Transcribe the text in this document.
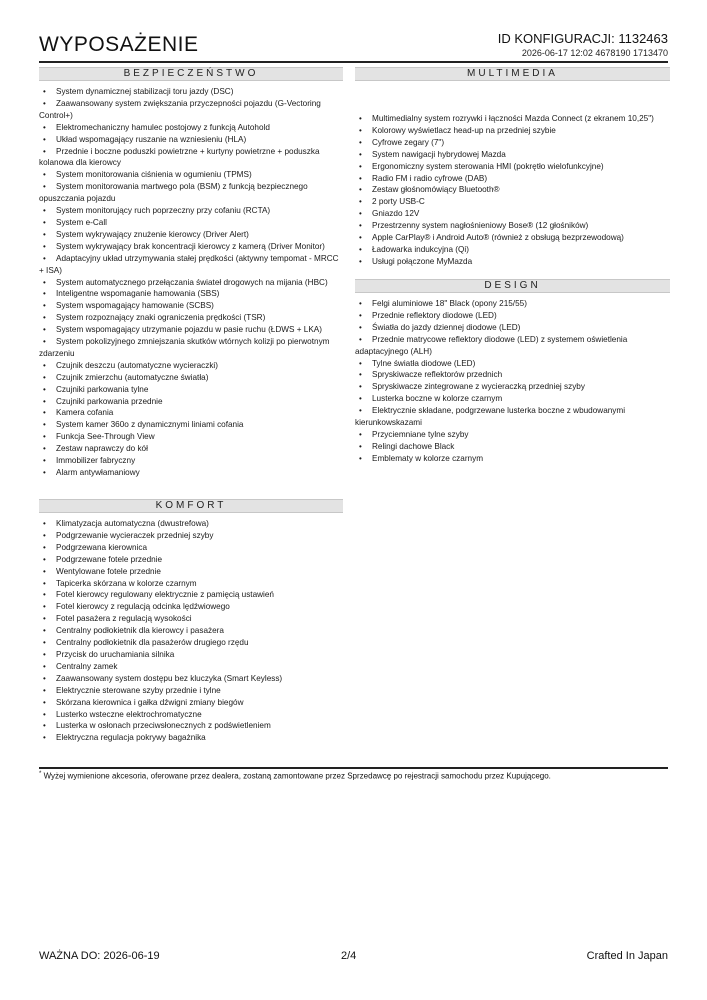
WYPOSAŻENIE	ID KONFIGURACJI: 1132463
2026-06-17 12:02 4678190 1713470
BEZPIECZEŃSTWO
• System dynamicznej stabilizacji toru jazdy (DSC)
• Zaawansowany system zwiększania przyczepności pojazdu (G-Vectoring Control+)
• Elektromechaniczny hamulec postojowy z funkcją Autohold
• Układ wspomagający ruszanie na wzniesieniu (HLA)
• Przednie i boczne poduszki powietrzne + kurtyny powietrzne + poduszka kolanowa dla kierowcy
• System monitorowania ciśnienia w ogumieniu (TPMS)
• System monitorowania martwego pola (BSM) z funkcją bezpiecznego opuszczania pojazdu
• System monitorujący ruch poprzeczny przy cofaniu (RCTA)
• System e-Call
• System wykrywający znużenie kierowcy (Driver Alert)
• System wykrywający brak koncentracji kierowcy z kamerą (Driver Monitor)
• Adaptacyjny układ utrzymywania stałej prędkości (aktywny tempomat - MRCC + ISA)
• System automatycznego przełączania świateł drogowych na mijania (HBC)
• Inteligentne wspomaganie hamowania (SBS)
• System wspomagający hamowanie (SCBS)
• System rozpoznający znaki ograniczenia prędkości (TSR)
• System wspomagający utrzymanie pojazdu w pasie ruchu (ŁDWS + LKA)
• System pokolizyjnego zmniejszania skutków wtórnych kolizji po pierwotnym zdarzeniu
• Czujnik deszczu (automatyczne wycieraczki)
• Czujnik zmierzchu (automatyczne światła)
• Czujniki parkowania tylne
• Czujniki parkowania przednie
• Kamera cofania
• System kamer 360o z dynamicznymi liniami cofania
• Funkcja See-Through View
• Zestaw naprawczy do kół
• Immobilizer fabryczny
• Alarm antywłamaniowy
MULTIMEDIA
• Multimedialny system rozrywki i łączności Mazda Connect (z ekranem 10,25")
• Kolorowy wyświetlacz head-up na przedniej szybie
• Cyfrowe zegary (7")
• System nawigacji hybrydowej Mazda
• Ergonomiczny system sterowania HMI (pokrętło wielofunkcyjne)
• Radio FM i radio cyfrowe (DAB)
• Zestaw głośnomówiący Bluetooth®
• 2 porty USB-C
• Gniazdo 12V
• Przestrzenny system nagłośnieniowy Bose® (12 głośników)
• Apple CarPlay® i Android Auto® (również z obsługą bezprzewodową)
• Ładowarka indukcyjna (Qi)
• Usługi połączone MyMazda
DESIGN
• Felgi aluminiowe 18" Black (opony 215/55)
• Przednie reflektory diodowe (LED)
• Światła do jazdy dziennej diodowe (LED)
• Przednie matrycowe reflektory diodowe (LED) z systemem oświetlenia adaptacyjnego (ALH)
• Tylne światła diodowe (LED)
• Spryskiwacze reflektorów przednich
• Spryskiwacze zintegrowane z wycieraczką przedniej szyby
• Lusterka boczne w kolorze czarnym
• Elektrycznie składane, podgrzewane lusterka boczne z wbudowanymi kierunkowskazami
• Przyciemniane tylne szyby
• Relingi dachowe Black
• Emblematy w kolorze czarnym
KOMFORT
• Klimatyzacja automatyczna (dwustrefowa)
• Podgrzewanie wycieraczek przedniej szyby
• Podgrzewana kierownica
• Podgrzewane fotele przednie
• Wentylowane fotele przednie
• Tapicerka skórzana w kolorze czarnym
• Fotel kierowcy regulowany elektrycznie z pamięcią ustawień
• Fotel kierowcy z regulacją odcinka lędźwiowego
• Fotel pasażera z regulacją wysokości
• Centralny podłokietnik dla kierowcy i pasażera
• Centralny podłokietnik dla pasażerów drugiego rzędu
• Przycisk do uruchamiania silnika
• Centralny zamek
• Zaawansowany system dostępu bez kluczyka (Smart Keyless)
• Elektrycznie sterowane szyby przednie i tylne
• Skórzana kierownica i gałka dźwigni zmiany biegów
• Lusterko wsteczne elektrochromatyczne
• Lusterka w osłonach przeciwsłonecznych z podświetleniem
• Elektryczna regulacja pokrywy bagażnika
* Wyżej wymienione akcesoria, oferowane przez dealera, zostaną zamontowane przez Sprzedawcę po rejestracji samochodu przez Kupującego.
WAŻNA DO: 2026-06-19	2/4	Crafted In Japan
